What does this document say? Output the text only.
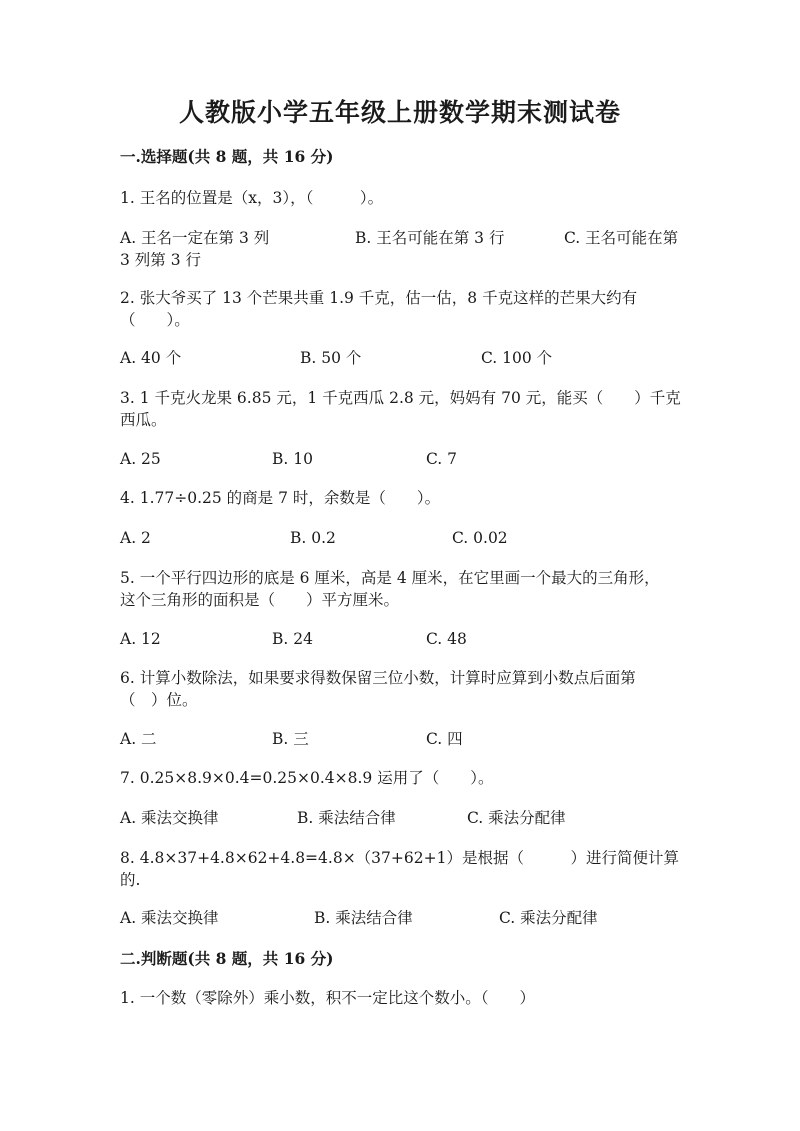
人教版小学五年级上册数学期末测试卷
一.选择题(共 8 题，共 16 分)
1. 王名的位置是（x，3），（　　　）。
A. 王名一定在第 3 列	B. 王名可能在第 3 行	C. 王名可能在第
3 列第 3 行
2. 张大爷买了 13 个芒果共重 1.9 千克，估一估，8 千克这样的芒果大约有
（　　）。
A. 40 个	B. 50 个	C. 100 个
3. 1 千克火龙果 6.85 元，1 千克西瓜 2.8 元，妈妈有 70 元，能买（　　）千克
西瓜。
A. 25	B. 10	C. 7
4. 1.77÷0.25 的商是 7 时，余数是（　　）。
A. 2	B. 0.2	C. 0.02
5. 一个平行四边形的底是 6 厘米，高是 4 厘米，在它里画一个最大的三角形，
这个三角形的面积是（　　）平方厘米。
A. 12	B. 24	C. 48
6. 计算小数除法，如果要求得数保留三位小数，计算时应算到小数点后面第
（　）位。
A. 二	B. 三	C. 四
7. 0.25×8.9×0.4=0.25×0.4×8.9 运用了（　　）。
A. 乘法交换律	B. 乘法结合律	C. 乘法分配律
8. 4.8×37+4.8×62+4.8=4.8×（37+62+1）是根据（　　　）进行简便计算
的.
A. 乘法交换律	B. 乘法结合律	C. 乘法分配律
二.判断题(共 8 题，共 16 分)
1. 一个数（零除外）乘小数，积不一定比这个数小。（　　）
